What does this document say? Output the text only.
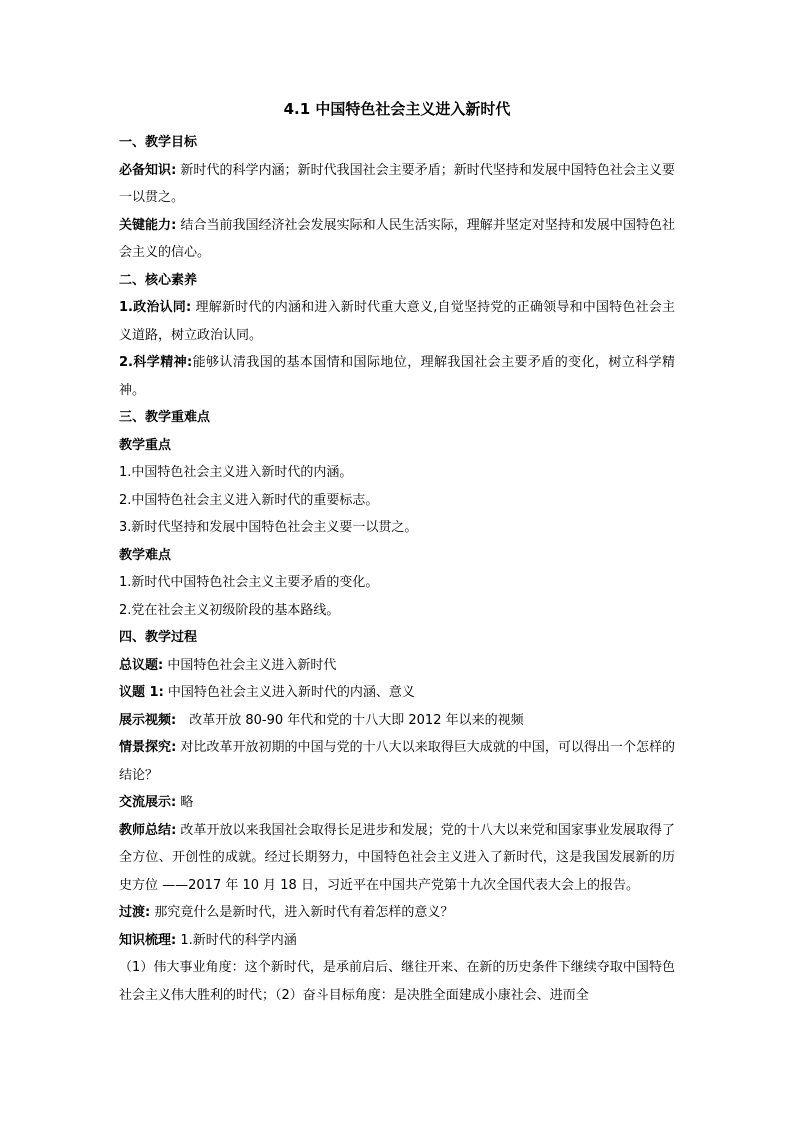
4.1 中国特色社会主义进入新时代

一、教学目标

必备知识: 新时代的科学内涵；新时代我国社会主要矛盾；新时代坚持和发展中国特色社会主义要一以贯之。

关键能力: 结合当前我国经济社会发展实际和人民生活实际，理解并坚定对坚持和发展中国特色社会主义的信心。

二、核心素养

1.政治认同: 理解新时代的内涵和进入新时代重大意义,自觉坚持党的正确领导和中国特色社会主义道路，树立政治认同。

2.科学精神:能够认清我国的基本国情和国际地位，理解我国社会主要矛盾的变化，树立科学精神。

三、教学重难点

教学重点

1.中国特色社会主义进入新时代的内涵。

2.中国特色社会主义进入新时代的重要标志。

3.新时代坚持和发展中国特色社会主义要一以贯之。

教学难点

1.新时代中国特色社会主义主要矛盾的变化。

2.党在社会主义初级阶段的基本路线。

四、教学过程

总议题: 中国特色社会主义进入新时代

议题 1: 中国特色社会主义进入新时代的内涵、意义

展示视频:　改革开放 80-90 年代和党的十八大即 2012 年以来的视频

情景探究: 对比改革开放初期的中国与党的十八大以来取得巨大成就的中国，可以得出一个怎样的结论？

交流展示: 略

教师总结: 改革开放以来我国社会取得长足进步和发展；党的十八大以来党和国家事业发展取得了全方位、开创性的成就。经过长期努力，中国特色社会主义进入了新时代，这是我国发展新的历史方位 ——2017 年 10 月 18 日，习近平在中国共产党第十九次全国代表大会上的报告。

过渡: 那究竟什么是新时代，进入新时代有着怎样的意义？

知识梳理: 1.新时代的科学内涵

（1）伟大事业角度：这个新时代，是承前启后、继往开来、在新的历史条件下继续夺取中国特色社会主义伟大胜利的时代；（2）奋斗目标角度：是决胜全面建成小康社会、进而全
